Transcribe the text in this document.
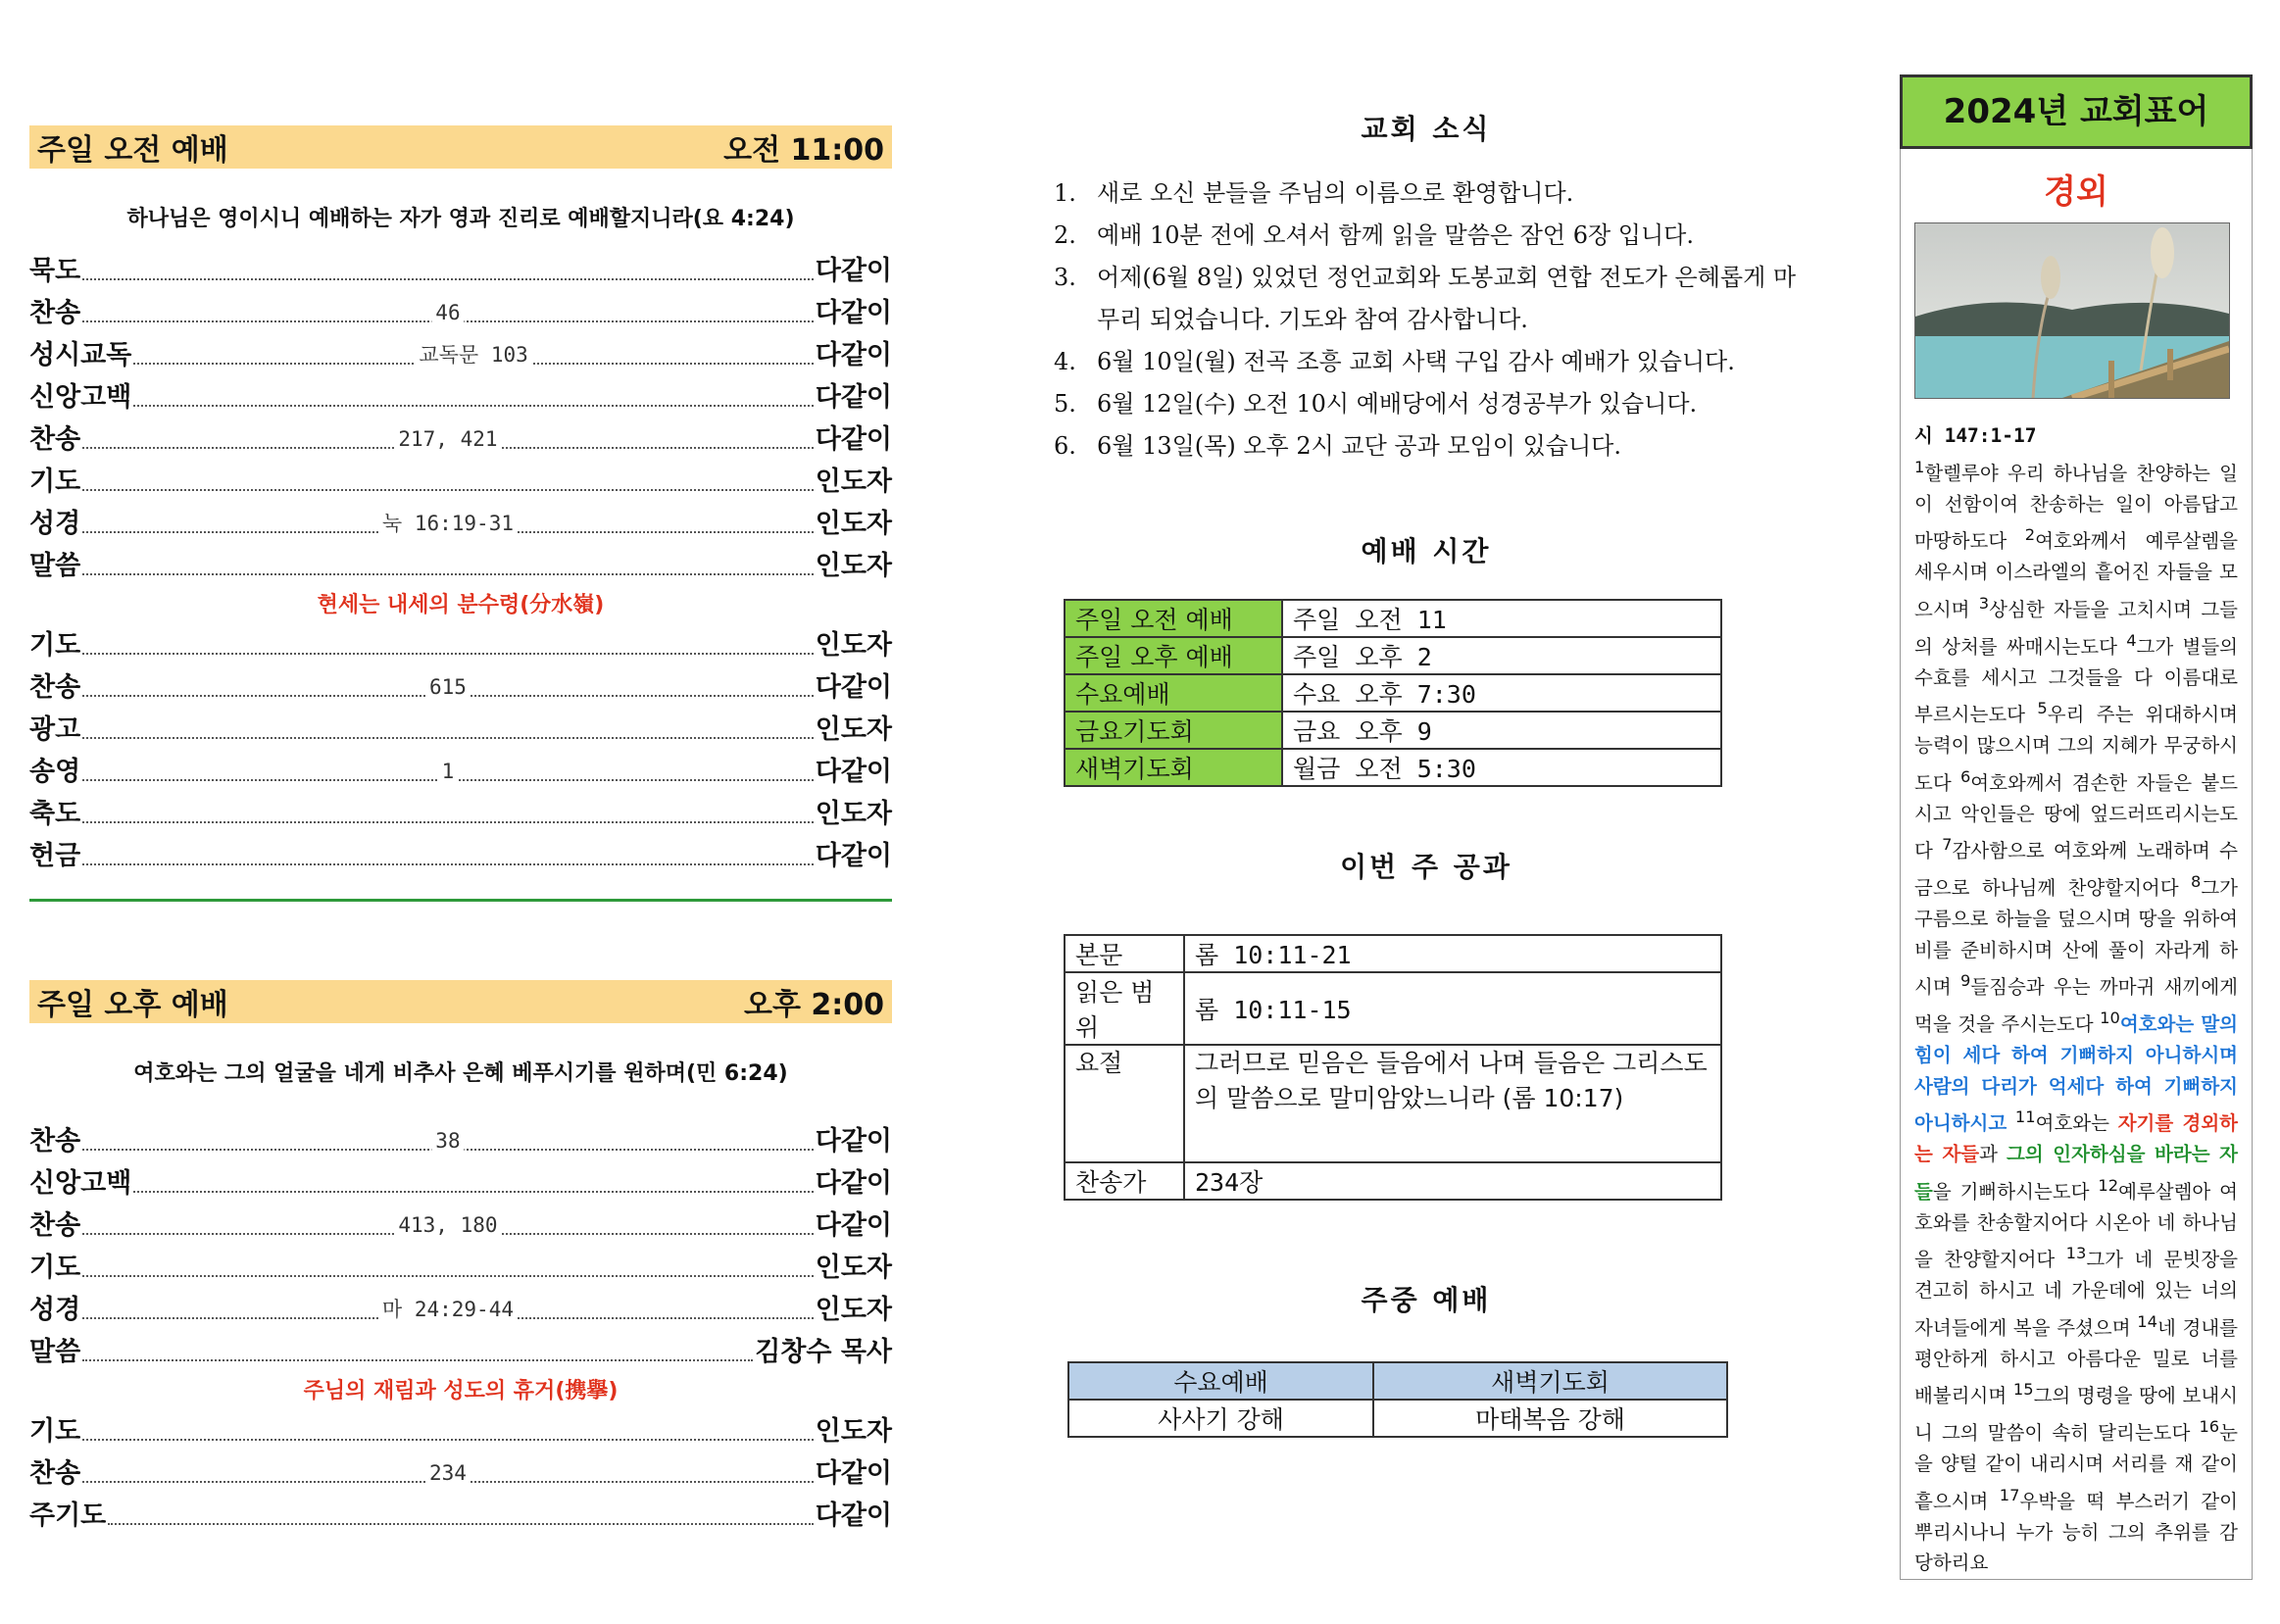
주일 오전 예배	오전 11:00
하나님은 영이시니 예배하는 자가 영과 진리로 예배할지니라(요 4:24)
묵도	다같이
찬송	46	다같이
성시교독	교독문 103	다같이
신앙고백	다같이
찬송	217, 421	다같이
기도	인도자
성경	눅 16:19-31	인도자
말씀	인도자
현세는 내세의 분수령(分水嶺)
기도	인도자
찬송	615	다같이
광고	인도자
송영	1	다같이
축도	인도자
헌금	다같이
주일 오후 예배	오후 2:00
여호와는 그의 얼굴을 네게 비추사 은혜 베푸시기를 원하며(민 6:24)
찬송	38	다같이
신앙고백	다같이
찬송	413, 180	다같이
기도	인도자
성경	마 24:29-44	인도자
말씀	김창수 목사
주님의 재림과 성도의 휴거(携擧)
기도	인도자
찬송	234	다같이
주기도	다같이
교회 소식
1. 새로 오신 분들을 주님의 이름으로 환영합니다.
2. 예배 10분 전에 오셔서 함께 읽을 말씀은 잠언 6장 입니다.
3. 어제(6월 8일) 있었던 정언교회와 도봉교회 연합 전도가 은혜롭게 마무리 되었습니다. 기도와 참여 감사합니다.
4. 6월 10일(월) 전곡 조흥 교회 사택 구입 감사 예배가 있습니다.
5. 6월 12일(수) 오전 10시 예배당에서 성경공부가 있습니다.
6. 6월 13일(목) 오후 2시 교단 공과 모임이 있습니다.
예배 시간
주일 오전 예배	주일 오전 11
주일 오후 예배	주일 오후 2
수요예배	수요 오후 7:30
금요기도회	금요 오후 9
새벽기도회	월금 오전 5:30
이번 주 공과
본문	롬 10:11-21
읽은 범위	롬 10:11-15
요절	그러므로 믿음은 들음에서 나며 들음은 그리스도의 말씀으로 말미암았느니라 (롬 10:17)
찬송가	234장
주중 예배
수요예배	새벽기도회
사사기 강해	마태복음 강해
2024년 교회표어
경외
시 147:1-17
$^1$할렐루야 우리 하나님을 찬양하는 일이 선함이여 찬송하는 일이 아름답고 마땅하도다 $^2$여호와께서 예루살렘을 세우시며 이스라엘의 흩어진 자들을 모으시며 $^3$상심한 자들을 고치시며 그들의 상처를 싸매시는도다 $^4$그가 별들의 수효를 세시고 그것들을 다 이름대로 부르시는도다 $^5$우리 주는 위대하시며 능력이 많으시며 그의 지혜가 무궁하시도다 $^6$여호와께서 겸손한 자들은 붙드시고 악인들은 땅에 엎드러뜨리시는도다 $^7$감사함으로 여호와께 노래하며 수금으로 하나님께 찬양할지어다 $^8$그가 구름으로 하늘을 덮으시며 땅을 위하여 비를 준비하시며 산에 풀이 자라게 하시며 $^9$들짐승과 우는 까마귀 새끼에게 먹을 것을 주시는도다 $^{10}$여호와는 말의 힘이 세다 하여 기뻐하지 아니하시며 사람의 다리가 억세다 하여 기뻐하지 아니하시고 $^{11}$여호와는 자기를 경외하는 자들과 그의 인자하심을 바라는 자들을 기뻐하시는도다 $^{12}$예루살렘아 여호와를 찬송할지어다 시온아 네 하나님을 찬양할지어다 $^{13}$그가 네 문빗장을 견고히 하시고 네 가운데에 있는 너의 자녀들에게 복을 주셨으며 $^{14}$네 경내를 평안하게 하시고 아름다운 밀로 너를 배불리시며 $^{15}$그의 명령을 땅에 보내시니 그의 말씀이 속히 달리는도다 $^{16}$눈을 양털 같이 내리시며 서리를 재 같이 흩으시며 $^{17}$우박을 떡 부스러기 같이 뿌리시나니 누가 능히 그의 추위를 감당하리요
